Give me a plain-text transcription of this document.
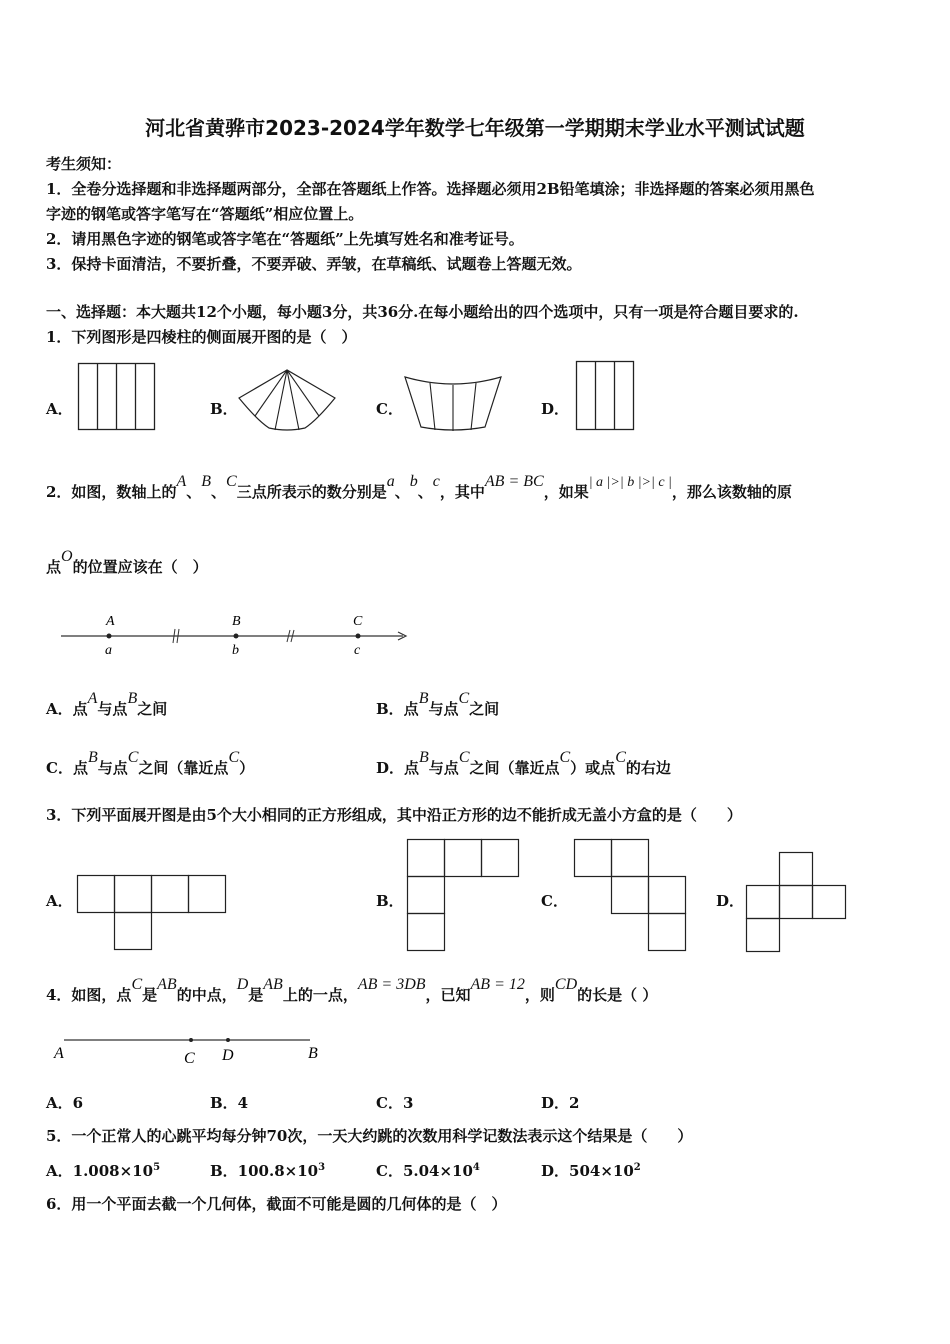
河北省黄骅市2023-2024学年数学七年级第一学期期末学业水平测试试题
考生须知：
1．全卷分选择题和非选择题两部分，全部在答题纸上作答。选择题必须用2B铅笔填涂；非选择题的答案必须用黑色
字迹的钢笔或答字笔写在“答题纸”相应位置上。
2．请用黑色字迹的钢笔或答字笔在“答题纸”上先填写姓名和准考证号。
3．保持卡面清洁，不要折叠，不要弄破、弄皱，在草稿纸、试题卷上答题无效。
一、选择题：本大题共12个小题，每小题3分，共36分.在每小题给出的四个选项中，只有一项是符合题目要求的.
1．下列图形是四棱柱的侧面展开图的是（　）
A．	B．	C．	D．
2．如图，数轴上的A、B、C三点所表示的数分别是a、b、c，其中AB = BC，如果| a |>| b |>| c |，那么该数轴的原
点O的位置应该在（　）
A	B	C
a	b	c
A．点A与点B之间	B．点B与点C之间
C．点B与点C之间（靠近点C）	D．点B与点C之间（靠近点C）或点C的右边
3．下列平面展开图是由5个大小相同的正方形组成，其中沿正方形的边不能折成无盖小方盒的是（　　）
A．	B．	C．	D．
4．如图，点C是AB的中点，D是AB上的一点，AB = 3DB，已知AB = 12，则CD的长是（ ）
A	C D	B
A．6	B．4	C．3	D．2
5．一个正常人的心跳平均每分钟70次，一天大约跳的次数用科学记数法表示这个结果是（　　）
A．$1.008\times 10^5$	B．$100.8\times 10^3$	C．$5.04\times 10^4$	D．$504\times 10^2$
6．用一个平面去截一个几何体，截面不可能是圆的几何体的是（　）
